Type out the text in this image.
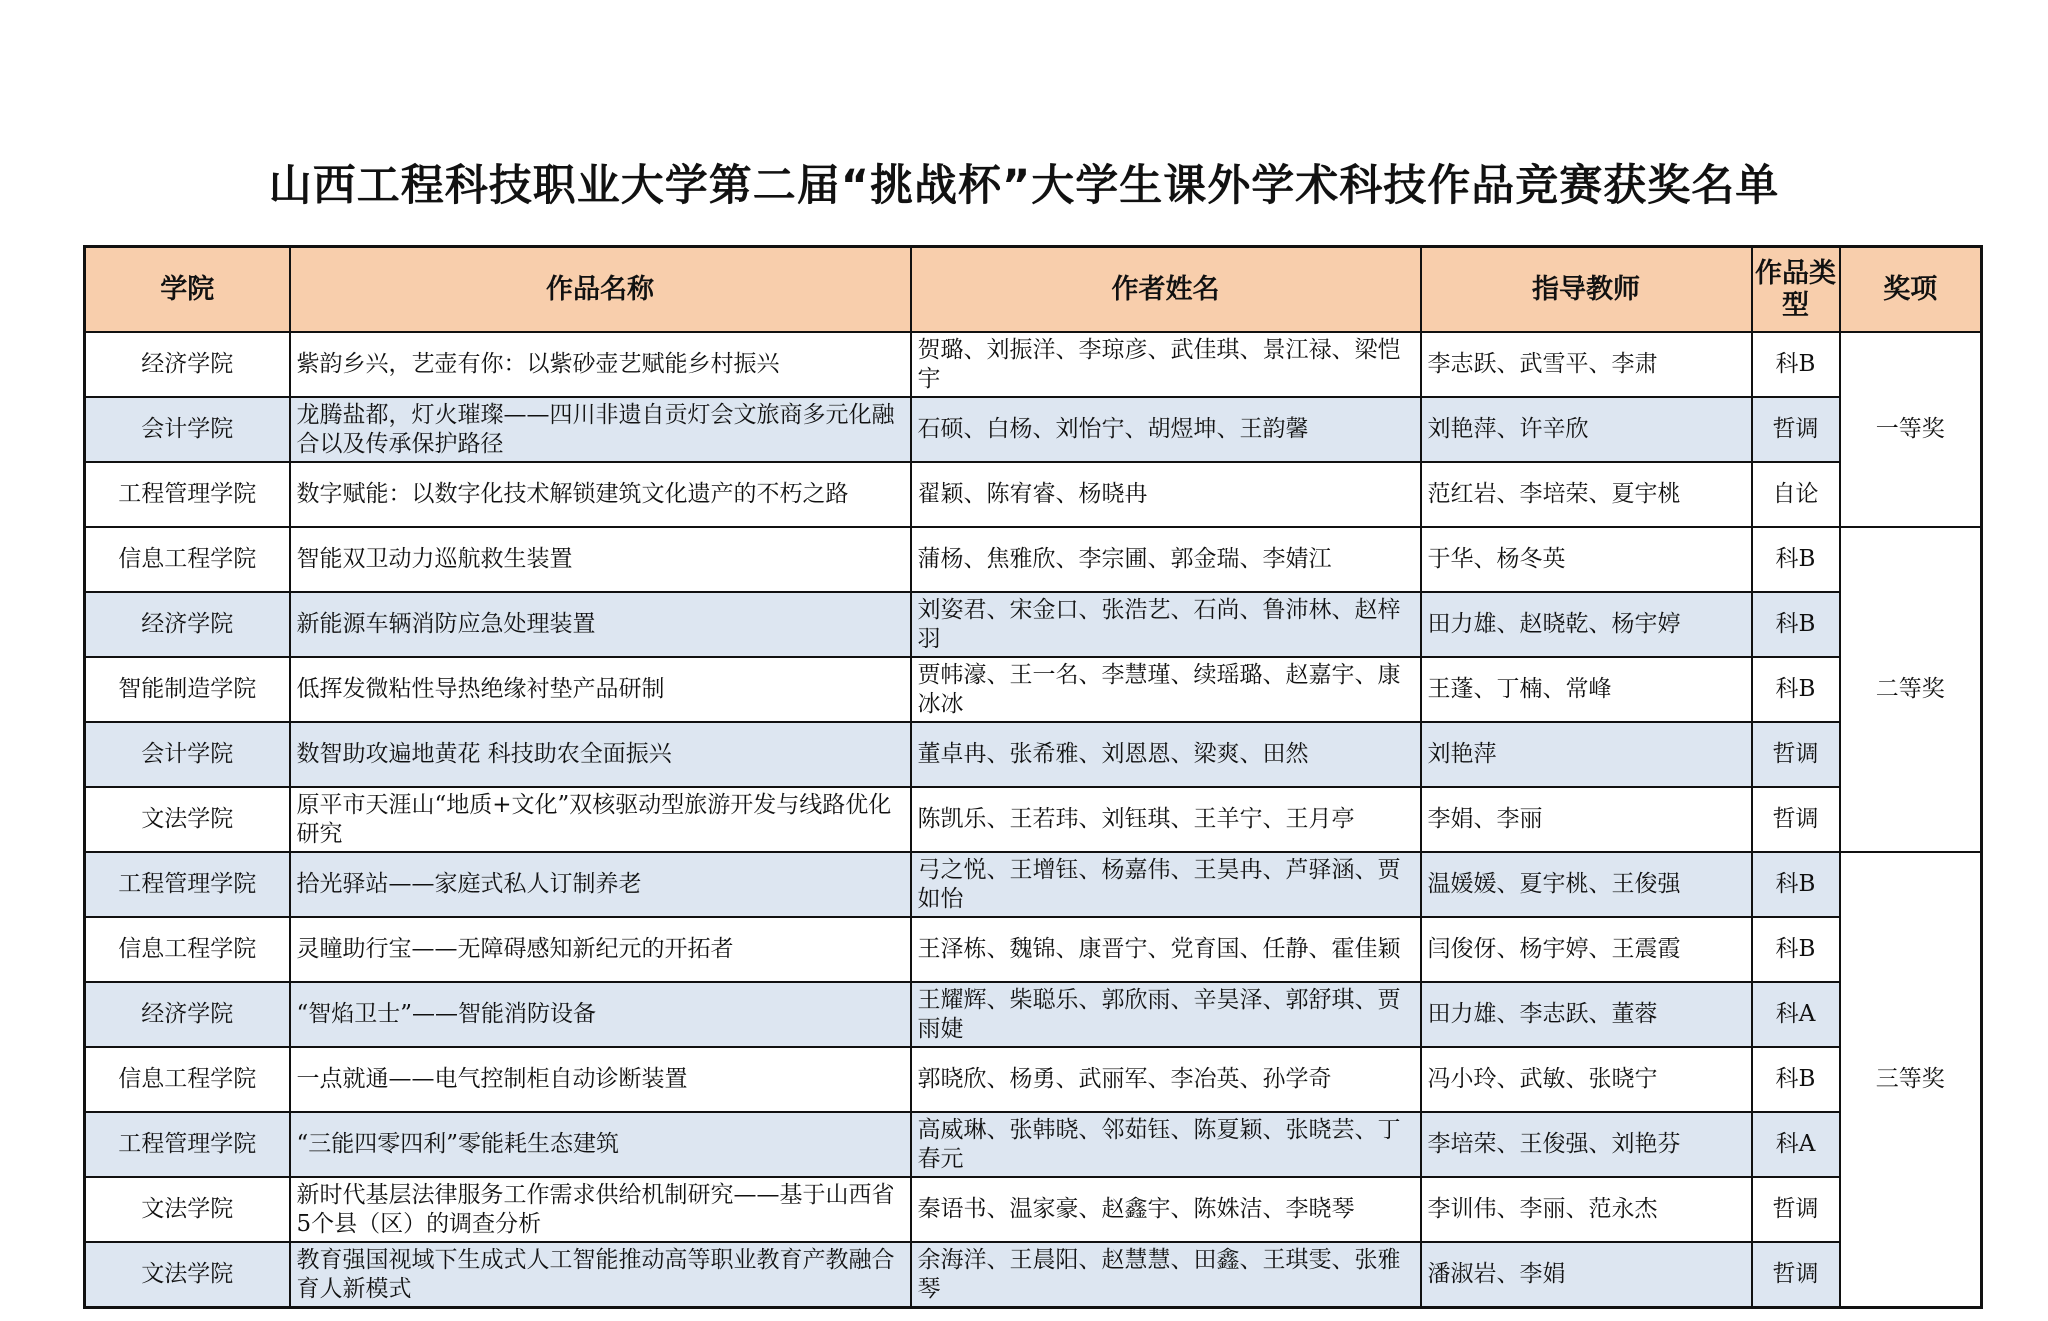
山西工程科技职业大学第二届“挑战杯”大学生课外学术科技作品竞赛获奖名单
学院	作品名称	作者姓名	指导教师	作品类型	奖项
经济学院	紫韵乡兴，艺壶有你：以紫砂壶艺赋能乡村振兴	贺璐、刘振洋、李琼彦、武佳琪、景江禄、梁恺宇	李志跃、武雪平、李肃	科B	一等奖
会计学院	龙腾盐都，灯火璀璨——四川非遗自贡灯会文旅商多元化融合以及传承保护路径	石硕、白杨、刘怡宁、胡煜坤、王韵馨	刘艳萍、许辛欣	哲调	
工程管理学院	数字赋能：以数字化技术解锁建筑文化遗产的不朽之路	翟颖、陈宥睿、杨晓冉	范红岩、李培荣、夏宇桃	自论	
信息工程学院	智能双卫动力巡航救生装置	蒲杨、焦雅欣、李宗圃、郭金瑞、李婧江	于华、杨冬英	科B	二等奖
经济学院	新能源车辆消防应急处理装置	刘姿君、宋金口、张浩艺、石尚、鲁沛林、赵梓羽	田力雄、赵晓乾、杨宇婷	科B	
智能制造学院	低挥发微粘性导热绝缘衬垫产品研制	贾帏濠、王一名、李慧瑾、续瑶璐、赵嘉宇、康冰冰	王蓬、丁楠、常峰	科B	
会计学院	数智助攻遍地黄花 科技助农全面振兴	董卓冉、张希雅、刘恩恩、梁爽、田然	刘艳萍	哲调	
文法学院	原平市天涯山“地质+文化”双核驱动型旅游开发与线路优化研究	陈凯乐、王若玮、刘钰琪、王羊宁、王月亭	李娟、李丽	哲调	
工程管理学院	拾光驿站——家庭式私人订制养老	弓之悦、王增钰、杨嘉伟、王昊冉、芦驿涵、贾如怡	温媛媛、夏宇桃、王俊强	科B	三等奖
信息工程学院	灵瞳助行宝——无障碍感知新纪元的开拓者	王泽栋、魏锦、康晋宁、党育国、任静、霍佳颖	闫俊伢、杨宇婷、王震霞	科B	
经济学院	“智焰卫士”——智能消防设备	王耀辉、柴聪乐、郭欣雨、辛昊泽、郭舒琪、贾雨婕	田力雄、李志跃、董蓉	科A	
信息工程学院	一点就通——电气控制柜自动诊断装置	郭晓欣、杨勇、武丽军、李冶英、孙学奇	冯小玲、武敏、张晓宁	科B	
工程管理学院	“三能四零四利”零能耗生态建筑	高威琳、张韩晓、邻茹钰、陈夏颖、张晓芸、丁春元	李培荣、王俊强、刘艳芬	科A	
文法学院	新时代基层法律服务工作需求供给机制研究——基于山西省5个县（区）的调查分析	秦语书、温家豪、赵鑫宇、陈姝洁、李晓琴	李训伟、李丽、范永杰	哲调	
文法学院	教育强国视域下生成式人工智能推动高等职业教育产教融合育人新模式	余海洋、王晨阳、赵慧慧、田鑫、王琪雯、张雅琴	潘淑岩、李娟	哲调	
